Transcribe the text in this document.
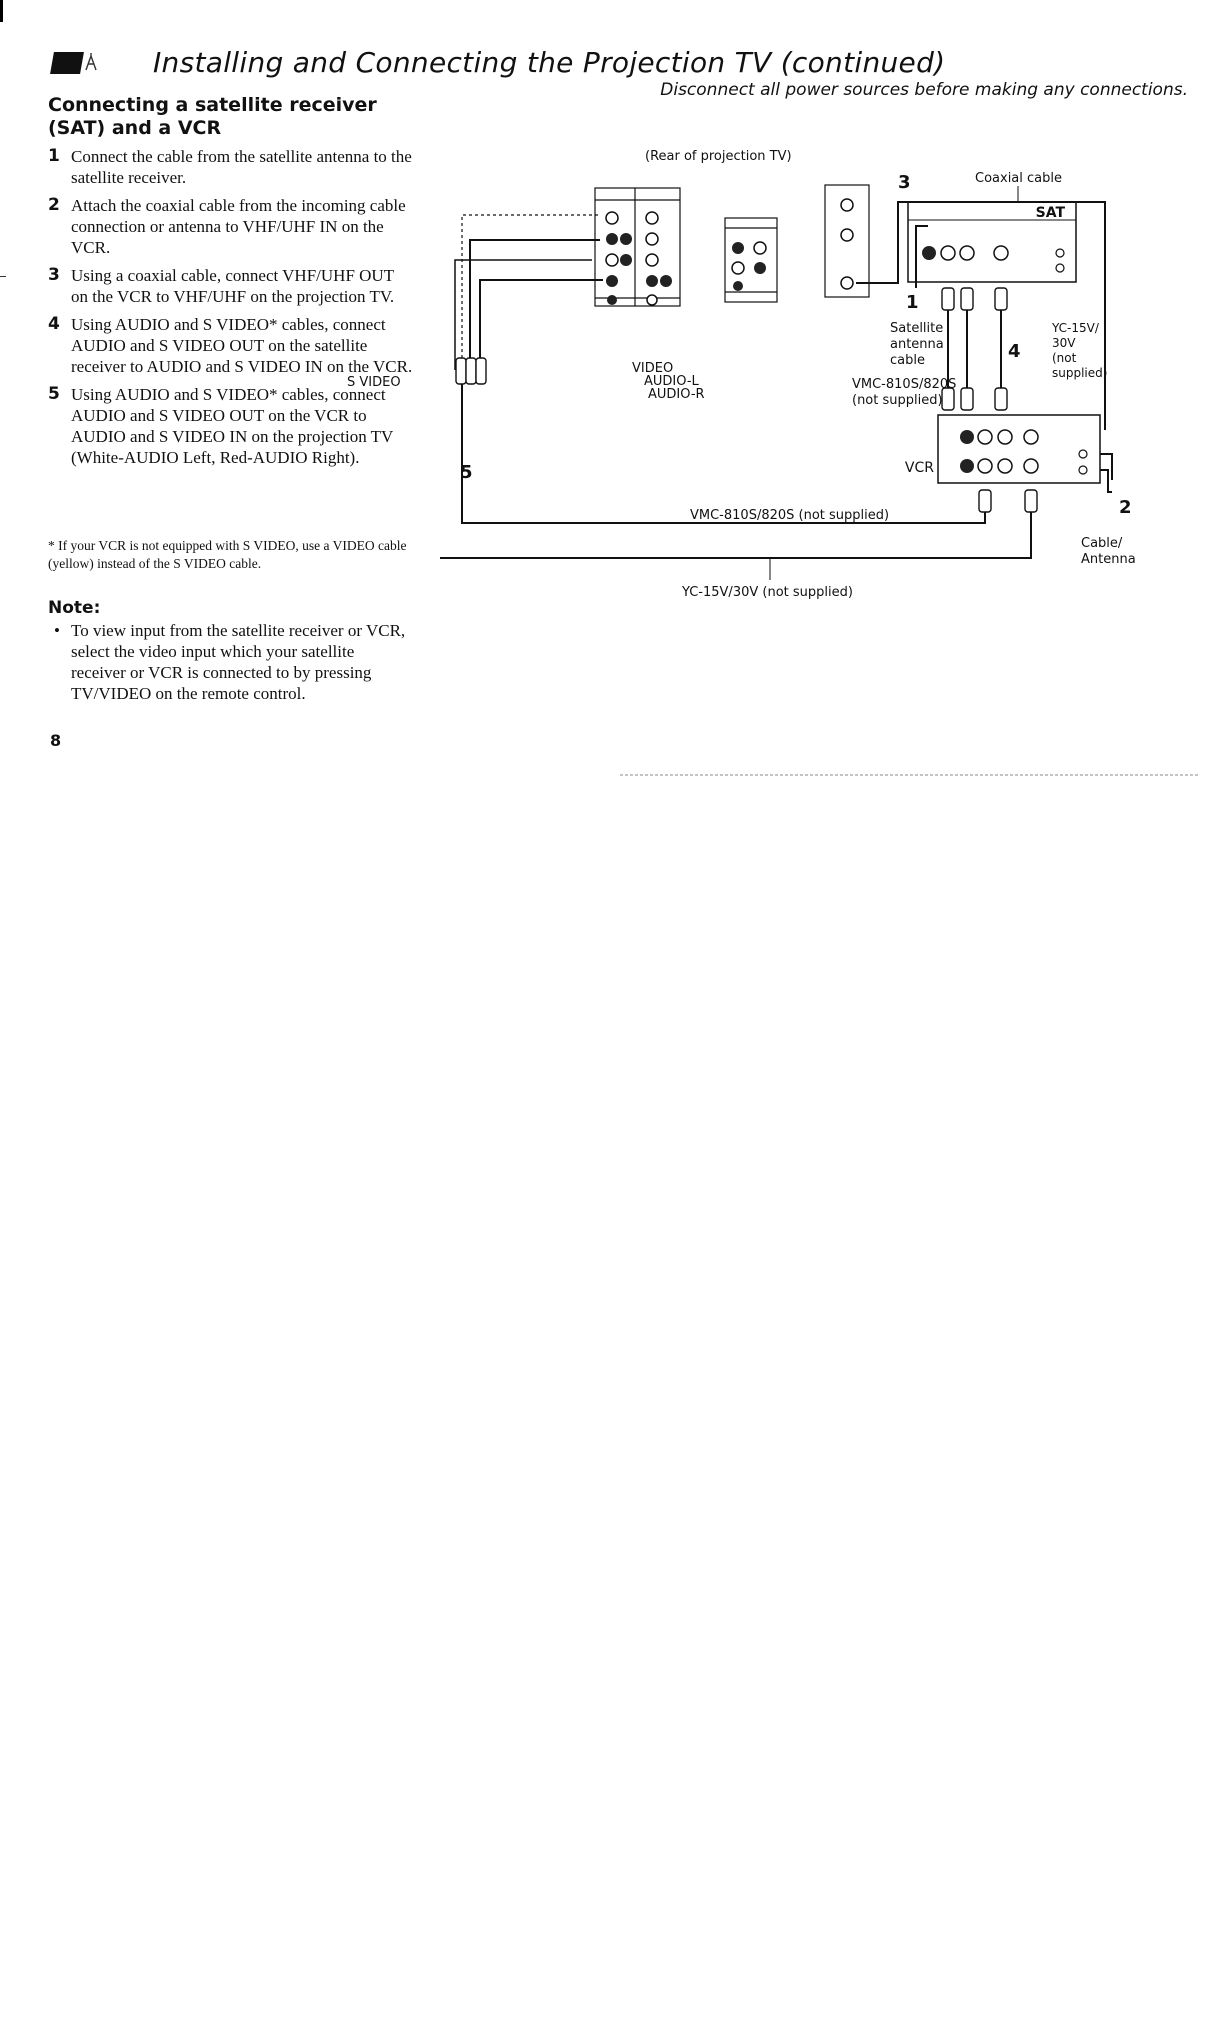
Installing and Connecting the Projection TV (continued)
Disconnect all power sources before making any connections.
Connecting a satellite receiver (SAT) and a VCR
1 Connect the cable from the satellite antenna to the satellite receiver.
2 Attach the coaxial cable from the incoming cable connection or antenna to VHF/UHF IN on the VCR.
3 Using a coaxial cable, connect VHF/UHF OUT on the VCR to VHF/UHF on the projection TV.
4 Using AUDIO and S VIDEO* cables, connect AUDIO and S VIDEO OUT on the satellite receiver to AUDIO and S VIDEO IN on the VCR.
5 Using AUDIO and S VIDEO* cables, connect AUDIO and S VIDEO OUT on the VCR to AUDIO and S VIDEO IN on the projection TV (White-AUDIO Left, Red-AUDIO Right).
* If your VCR is not equipped with S VIDEO, use a VIDEO cable (yellow) instead of the S VIDEO cable.
Note:
• To view input from the satellite receiver or VCR, select the video input which your satellite receiver or VCR is connected to by pressing TV/VIDEO on the remote control.
8
(Rear of projection TV)
SAT
VCR
Coaxial cable
3
1
4
2
5
Satellite antenna cable
VMC-810S/820S (not supplied)
YC-15V/ 30V (not supplied)
VMC-810S/820S (not supplied)
YC-15V/30V (not supplied)
Cable/ Antenna
VIDEO
AUDIO-L
AUDIO-R
S VIDEO
